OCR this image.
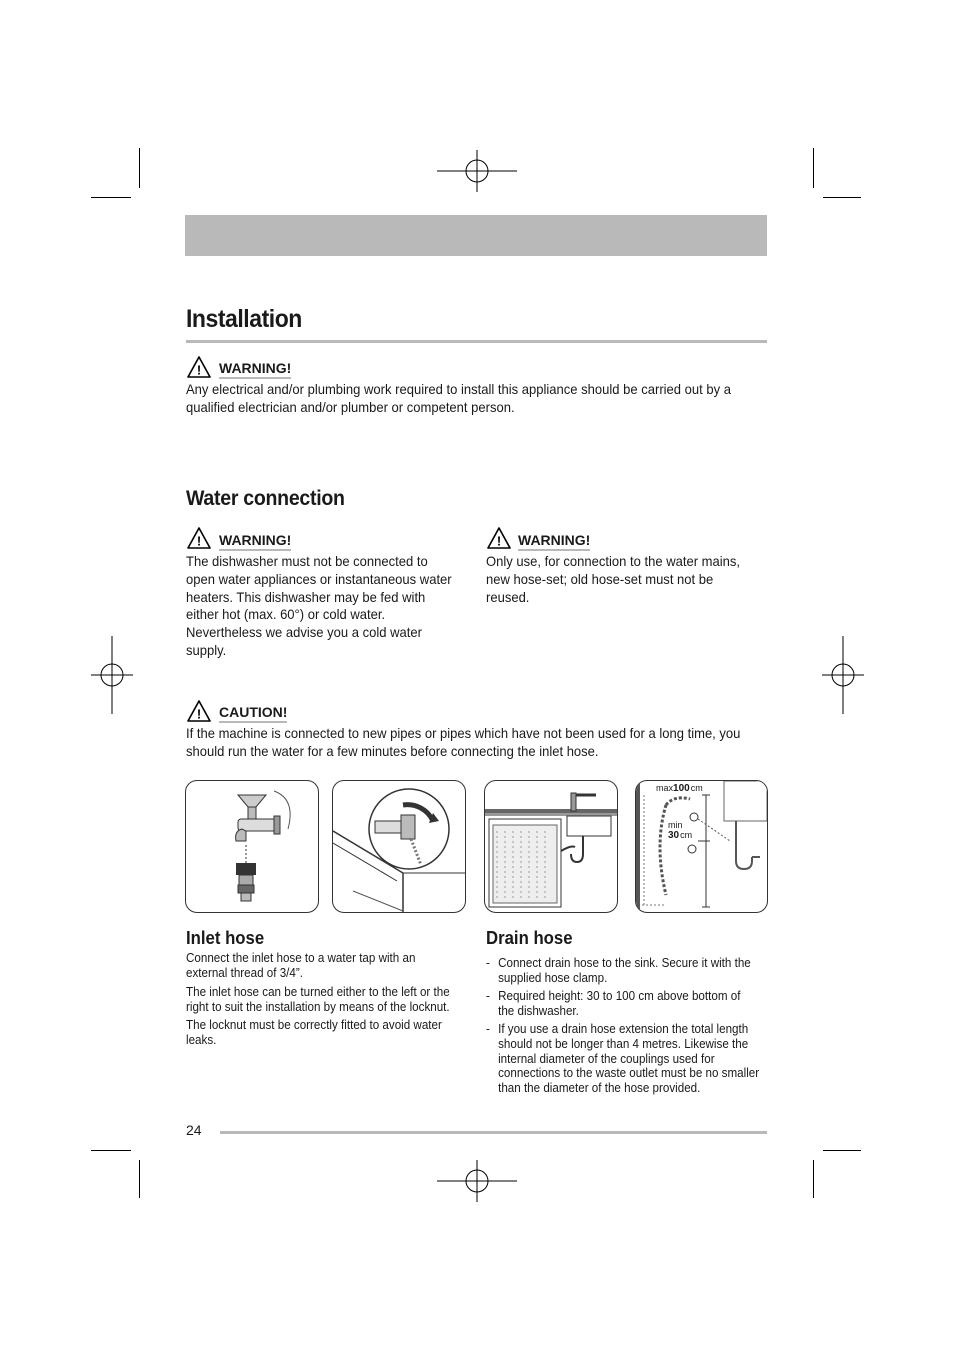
Installation
! WARNING!
Any electrical and/or plumbing work required to install this appliance should be carried out by a qualified electrician and/or plumber or competent person.
Water connection
! WARNING!
The dishwasher must not be connected to open water appliances or instantaneous water heaters. This dishwasher may be fed with either hot (max. 60°) or cold water. Nevertheless we advise you a cold water supply.
! WARNING!
Only use, for connection to the water mains, new hose-set; old hose-set must not be reused.
! CAUTION!
If the machine is connected to new pipes or pipes which have not been used for a long time, you should run the water for a few minutes before connecting the inlet hose.
max100cm
min
30cm
Inlet hose
Connect the inlet hose to a water tap with an external thread of 3/4”.
The inlet hose can be turned either to the left or the right to suit the installation by means of the locknut.
The locknut must be correctly fitted to avoid water leaks.
Drain hose
- Connect drain hose to the sink. Secure it with the supplied hose clamp.
- Required height: 30 to 100 cm above bottom of the dishwasher.
- If you use a drain hose extension the total length should not be longer than 4 metres. Likewise the internal diameter of the couplings used for connections to the waste outlet must be no smaller than the diameter of the hose provided.
24
